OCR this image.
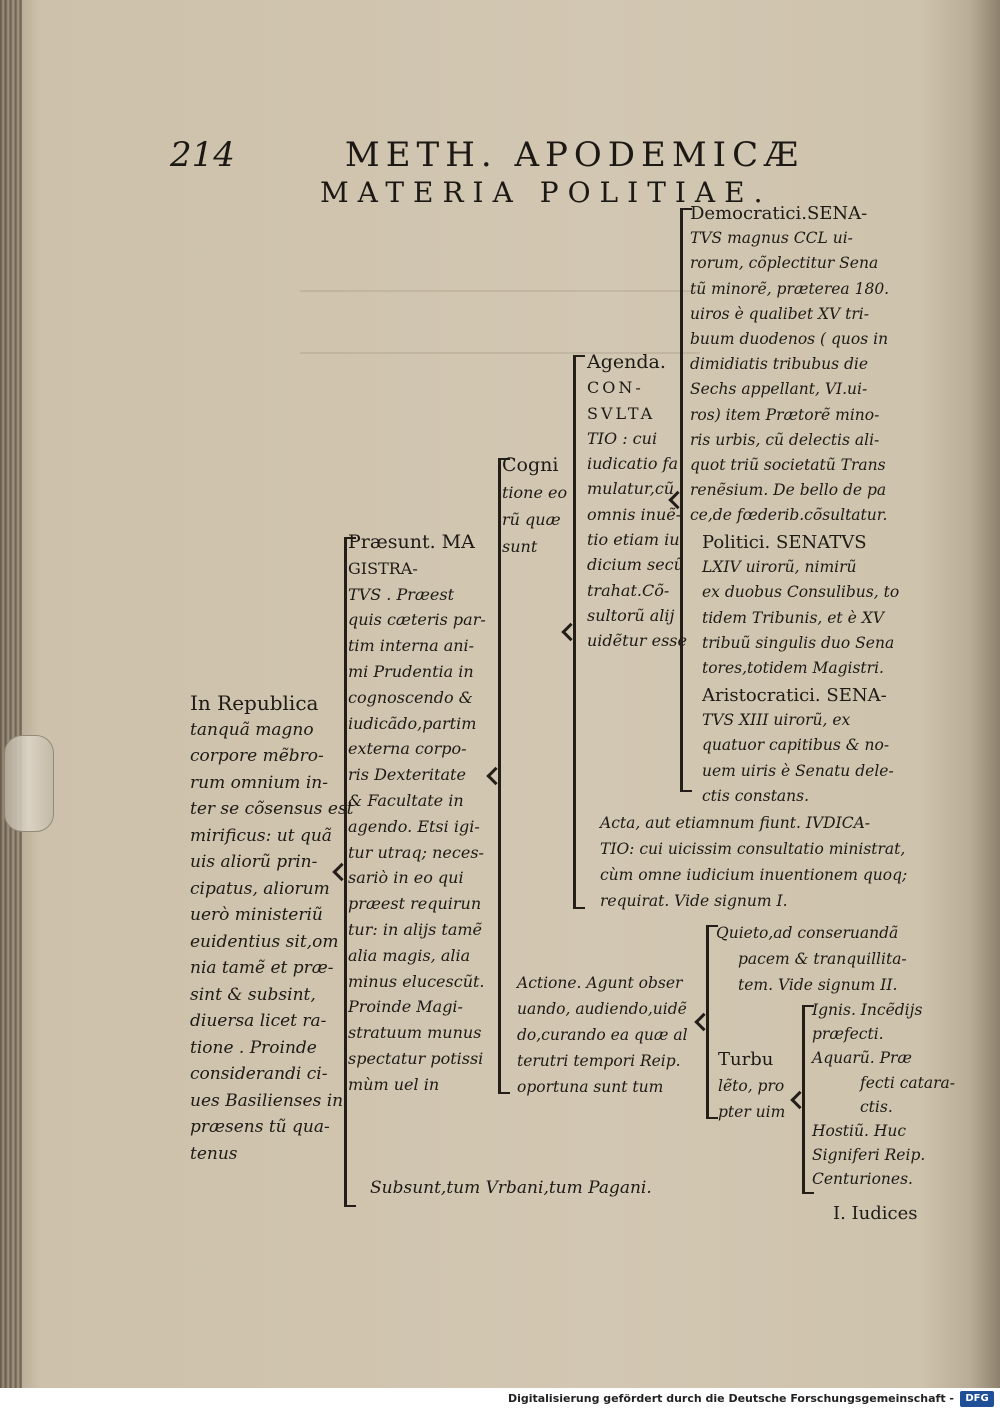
214	METH. APODEMICÆ
MATERIA POLITIAE.
In Republica
tanquã magno
corpore mẽbro-
rum omnium in-
ter se cõsensus est
mirificus: ut quã
uis aliorũ prin-
cipatus, aliorum
uerò ministeriũ
euidentius sit,om
nia tamẽ et præ-
sint & subsint,
diuersa licet ra-
tione . Proinde
considerandi ci-
ues Basilienses in
præsens tũ qua-
tenus
Præsunt. MA
GISTRA-
TVS . Præest
quis cæteris par-
tim interna ani-
mi Prudentia in
cognoscendo &
iudicãdo,partim
externa corpo-
ris Dexteritate
& Facultate in
agendo. Etsi igi-
tur utraq; neces-
sariò in eo qui
præest requirun
tur: in alijs tamẽ
alia magis, alia
minus elucescũt.
Proinde Magi-
stratuum munus
spectatur potissi
mùm uel in
Subsunt,tum Vrbani,tum Pagani.
Cogni
tione eo
rũ quæ
sunt
Agenda.
CON-
SVLTA
TIO : cui
iudicatio fa
mulatur,cũ
omnis inuẽ-
tio etiam iu
dicium secũ
trahat.Cõ-
sultorũ alij
uidẽtur esse
Democratici.SENA-
TVS magnus CCL ui-
rorum, cõplectitur Sena
tũ minorẽ, præterea 180.
uiros è qualibet XV tri-
buum duodenos ( quos in
dimidiatis tribubus die
Sechs appellant, VI.ui-
ros) item Prætorẽ mino-
ris urbis, cũ delectis ali-
quot triũ societatũ Trans
renẽsium. De bello de pa
ce,de fœderib.cõsultatur.
Politici. SENATVS
LXIV uirorũ, nimirũ
ex duobus Consulibus, to
tidem Tribunis, et è XV
tribuũ singulis duo Sena
tores,totidem Magistri.
Aristocratici. SENA-
TVS XIII uirorũ, ex
quatuor capitibus & no-
uem uiris è Senatu dele-
ctis constans.
Acta, aut etiamnum fiunt. IVDICA-
TIO: cui uicissim consultatio ministrat,
cùm omne iudicium inuentionem quoq;
requirat. Vide signum I.
Actione. Agunt obser
uando, audiendo,uidẽ
do,curando ea quæ al
terutri tempori Reip.
oportuna sunt tum
Quieto,ad conseruandã
pacem & tranquillita-
tem. Vide signum II.
Turbu
lẽto, pro
pter uim
Ignis. Incẽdijs
præfecti.
Aquarũ. Præ
fecti catara-
ctis.
Hostiũ. Huc
Signiferi Reip.
Centuriones.
I. Iudices
Digitalisierung gefördert durch die Deutsche Forschungsgemeinschaft -	DFG
